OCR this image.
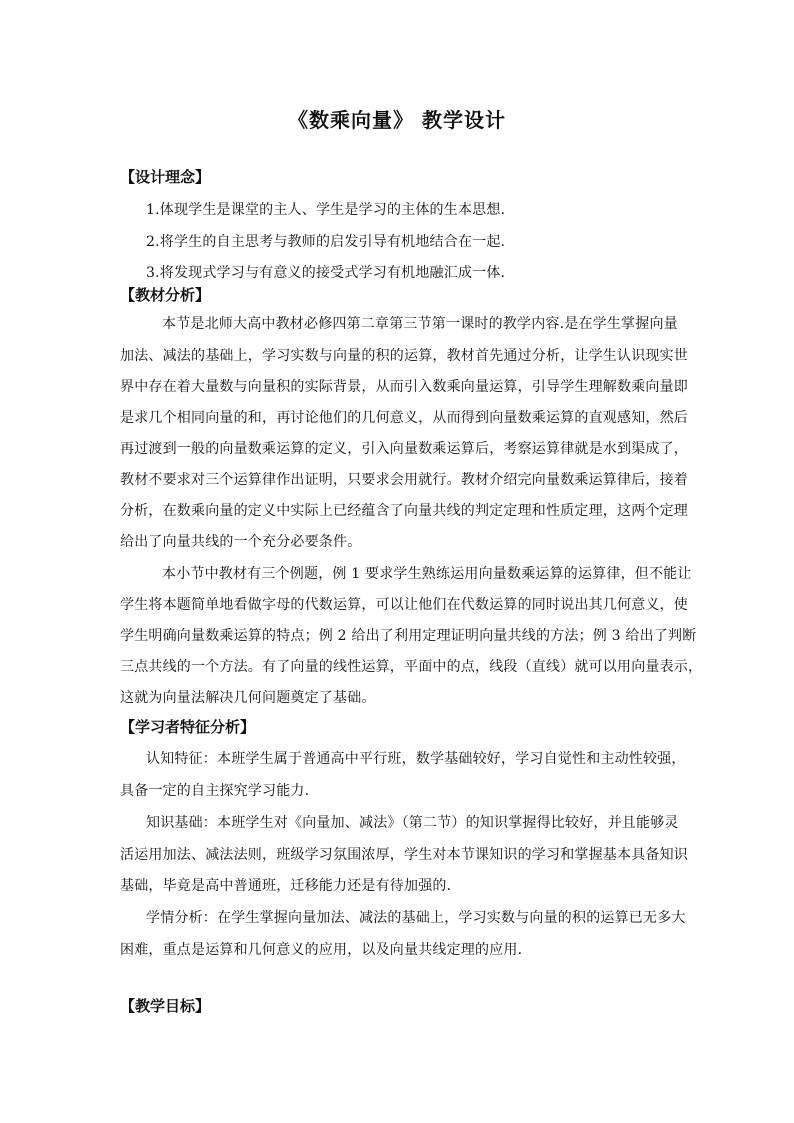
《数乘向量》 教学设计
【设计理念】
1.体现学生是课堂的主人、学生是学习的主体的生本思想.
2.将学生的自主思考与教师的启发引导有机地结合在一起.
3.将发现式学习与有意义的接受式学习有机地融汇成一体.
【教材分析】
本节是北师大高中教材必修四第二章第三节第一课时的教学内容.是在学生掌握向量
加法、减法的基础上，学习实数与向量的积的运算，教材首先通过分析，让学生认识现实世
界中存在着大量数与向量积的实际背景，从而引入数乘向量运算，引导学生理解数乘向量即
是求几个相同向量的和，再讨论他们的几何意义，从而得到向量数乘运算的直观感知，然后
再过渡到一般的向量数乘运算的定义，引入向量数乘运算后，考察运算律就是水到渠成了，
教材不要求对三个运算律作出证明，只要求会用就行。教材介绍完向量数乘运算律后，接着
分析，在数乘向量的定义中实际上已经蕴含了向量共线的判定定理和性质定理，这两个定理
给出了向量共线的一个充分必要条件。
本小节中教材有三个例题，例 1 要求学生熟练运用向量数乘运算的运算律，但不能让
学生将本题简单地看做字母的代数运算，可以让他们在代数运算的同时说出其几何意义，使
学生明确向量数乘运算的特点；例 2 给出了利用定理证明向量共线的方法；例 3 给出了判断
三点共线的一个方法。有了向量的线性运算，平面中的点，线段（直线）就可以用向量表示，
这就为向量法解决几何问题奠定了基础。
【学习者特征分析】
认知特征：本班学生属于普通高中平行班，数学基础较好，学习自觉性和主动性较强，
具备一定的自主探究学习能力.
知识基础：本班学生对《向量加、减法》（第二节）的知识掌握得比较好，并且能够灵
活运用加法、减法法则，班级学习氛围浓厚，学生对本节课知识的学习和掌握基本具备知识
基础，毕竟是高中普通班，迁移能力还是有待加强的.
学情分析：在学生掌握向量加法、减法的基础上，学习实数与向量的积的运算已无多大
困难，重点是运算和几何意义的应用，以及向量共线定理的应用.
【教学目标】
